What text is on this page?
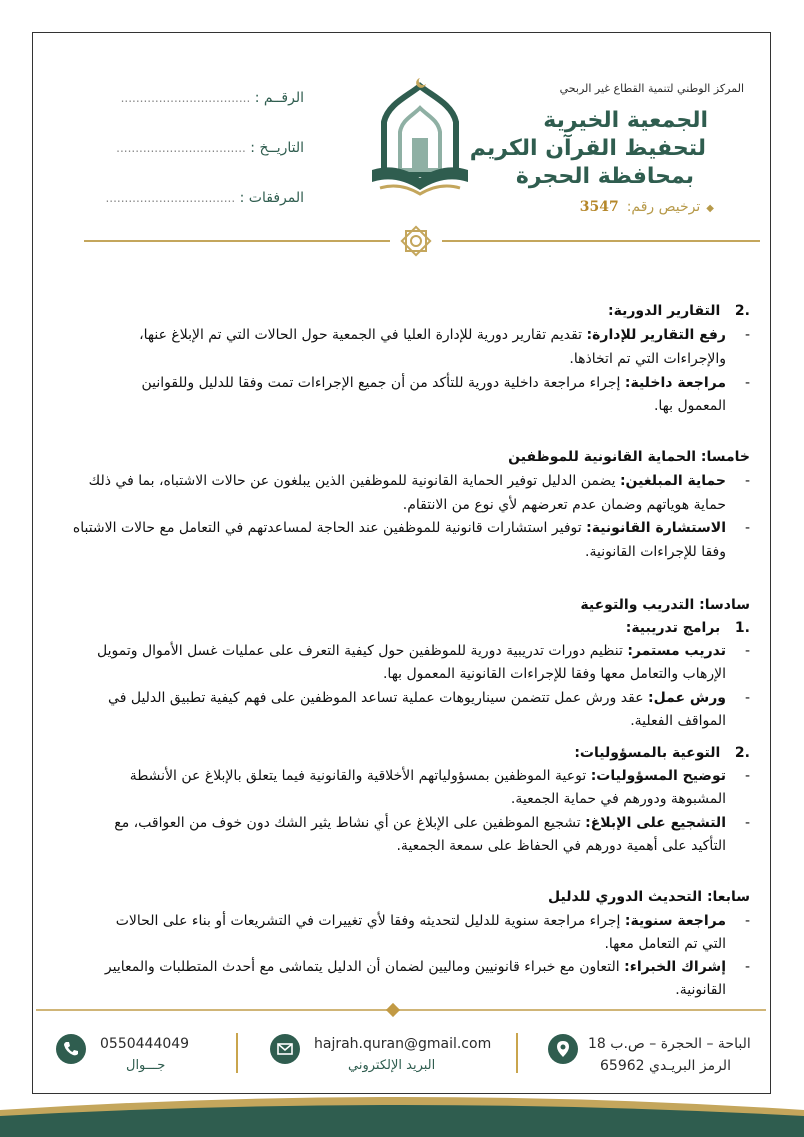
المركز الوطني لتنمية القطاع غير الربحي
الجمعية الخيرية
لتحفيظ القرآن الكريم
بمحافظة الحجرة
◆ترخيص رقم:3547
الرقــم : ..................................
التاريــخ : ..................................
المرفقات : ..................................
.2   التقارير الدورية:
-
رفع التقارير للإدارة: تقديم تقارير دورية للإدارة العليا في الجمعية حول الحالات التي تم الإبلاغ عنها،
والإجراءات التي تم اتخاذها.
-
مراجعة داخلية: إجراء مراجعة داخلية دورية للتأكد من أن جميع الإجراءات تمت وفقا للدليل وللقوانين
المعمول بها.
خامسا: الحماية القانونية للموظفين
-
حماية المبلغين: يضمن الدليل توفير الحماية القانونية للموظفين الذين يبلغون عن حالات الاشتباه، بما في ذلك
حماية هوياتهم وضمان عدم تعرضهم لأي نوع من الانتقام.
-
الاستشارة القانونية: توفير استشارات قانونية للموظفين عند الحاجة لمساعدتهم في التعامل مع حالات الاشتباه
وفقا للإجراءات القانونية.
سادسا: التدريب والتوعية
.1   برامج تدريبية:
-
تدريب مستمر: تنظيم دورات تدريبية دورية للموظفين حول كيفية التعرف على عمليات غسل الأموال وتمويل
الإرهاب والتعامل معها وفقا للإجراءات القانونية المعمول بها.
-
ورش عمل: عقد ورش عمل تتضمن سيناريوهات عملية تساعد الموظفين على فهم كيفية تطبيق الدليل في
المواقف الفعلية.
.2   التوعية بالمسؤوليات:
-
توضيح المسؤوليات: توعية الموظفين بمسؤولياتهم الأخلاقية والقانونية فيما يتعلق بالإبلاغ عن الأنشطة
المشبوهة ودورهم في حماية الجمعية.
-
التشجيع على الإبلاغ: تشجيع الموظفين على الإبلاغ عن أي نشاط يثير الشك دون خوف من العواقب، مع
التأكيد على أهمية دورهم في الحفاظ على سمعة الجمعية.
سابعا: التحديث الدوري للدليل
-
مراجعة سنوية: إجراء مراجعة سنوية للدليل لتحديثه وفقا لأي تغييرات في التشريعات أو بناء على الحالات
التي تم التعامل معها.
-
إشراك الخبراء: التعاون مع خبراء قانونيين وماليين لضمان أن الدليل يتماشى مع أحدث المتطلبات والمعايير
القانونية.
0550444049
جـــوال
hajrah.quran@gmail.com
البريد الإلكتروني
الباحة – الحجرة – ص.ب 18
الرمز البريـدي 65962
